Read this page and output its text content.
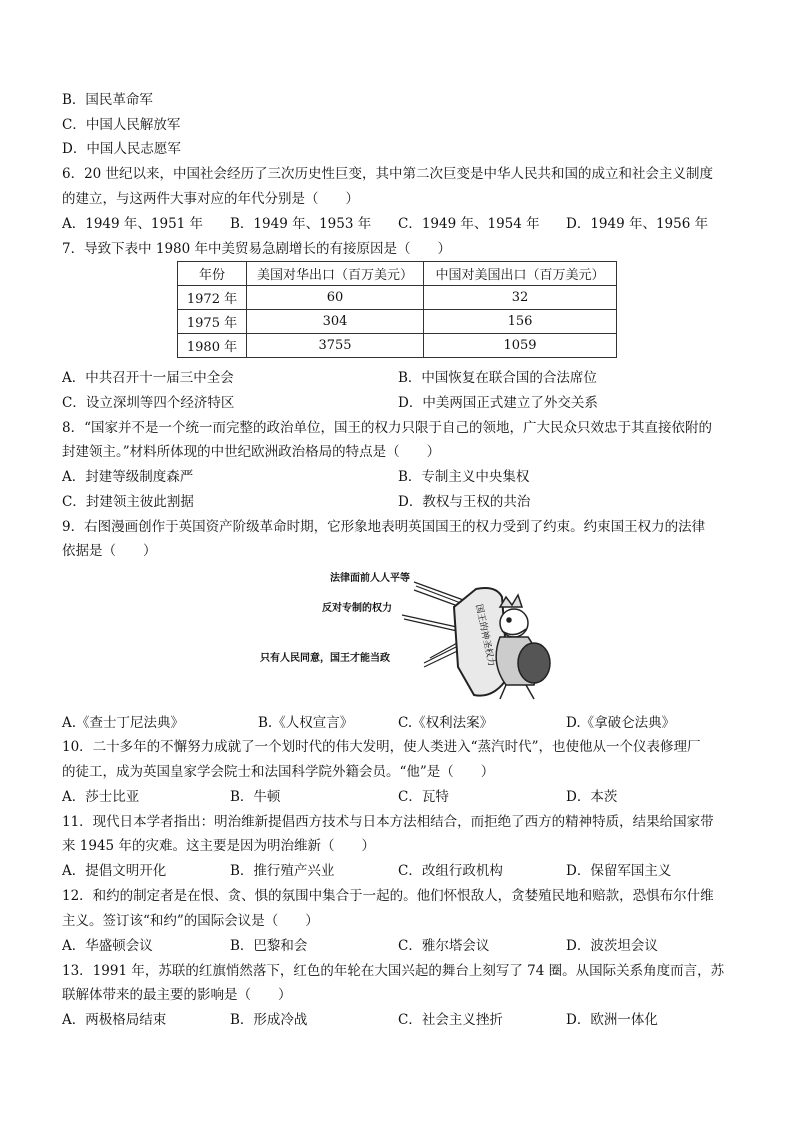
B．国民革命军
C．中国人民解放军
D．中国人民志愿军
6．20 世纪以来，中国社会经历了三次历史性巨变，其中第二次巨变是中华人民共和国的成立和社会主义制度
的建立，与这两件大事对应的年代分别是（　　）
A．1949 年、1951 年 B．1949 年、1953 年 C．1949 年、1954 年 D．1949 年、1956 年
7．导致下表中 1980 年中美贸易急剧增长的有接原因是（　　）
年份	美国对华出口（百万美元）	中国对美国出口（百万美元）
1972 年	60	32
1975 年	304	156
1980 年	3755	1059
A．中共召开十一届三中全会	B．中国恢复在联合国的合法席位
C．设立深圳等四个经济特区	D．中美两国正式建立了外交关系
8．“国家并不是一个统一而完整的政治单位，国王的权力只限于自己的领地，广大民众只效忠于其直接依附的
封建领主。”材料所体现的中世纪欧洲政治格局的特点是（　　）
A．封建等级制度森严	B．专制主义中央集权
C．封建领主彼此割据	D．教权与王权的共治
9．右图漫画创作于英国资产阶级革命时期，它形象地表明英国国王的权力受到了约束。约束国王权力的法律
依据是（　　）
法律面前人人平等
反对专制的权力
只有人民同意，国王才能当政	国王的神圣权力
A.《查士丁尼法典》	B.《人权宣言》	C.《权利法案》	D.《拿破仑法典》
10．二十多年的不懈努力成就了一个划时代的伟大发明，使人类进入“蒸汽时代”，也使他从一个仪表修理厂
的徒工，成为英国皇家学会院士和法国科学院外籍会员。“他”是（　　）
A．莎士比亚	B．牛顿	C．瓦特	D．本茨
11．现代日本学者指出：明治维新提倡西方技术与日本方法相结合，而拒绝了西方的精神特质，结果给国家带
来 1945 年的灾难。这主要是因为明治维新（　　）
A．提倡文明开化	B．推行殖产兴业	C．改组行政机构	D．保留军国主义
12．和约的制定者是在恨、贪、惧的氛围中集合于一起的。他们怀恨敌人，贪婪殖民地和赔款，恐惧布尔什维
主义。签订该“和约”的国际会议是（　　）
A．华盛顿会议	B．巴黎和会	C．雅尔塔会议	D．波茨坦会议
13．1991 年，苏联的红旗悄然落下，红色的年轮在大国兴起的舞台上刻写了 74 圈。从国际关系角度而言，苏
联解体带来的最主要的影响是（　　）
A．两极格局结束	B．形成冷战	C．社会主义挫折	D．欧洲一体化
